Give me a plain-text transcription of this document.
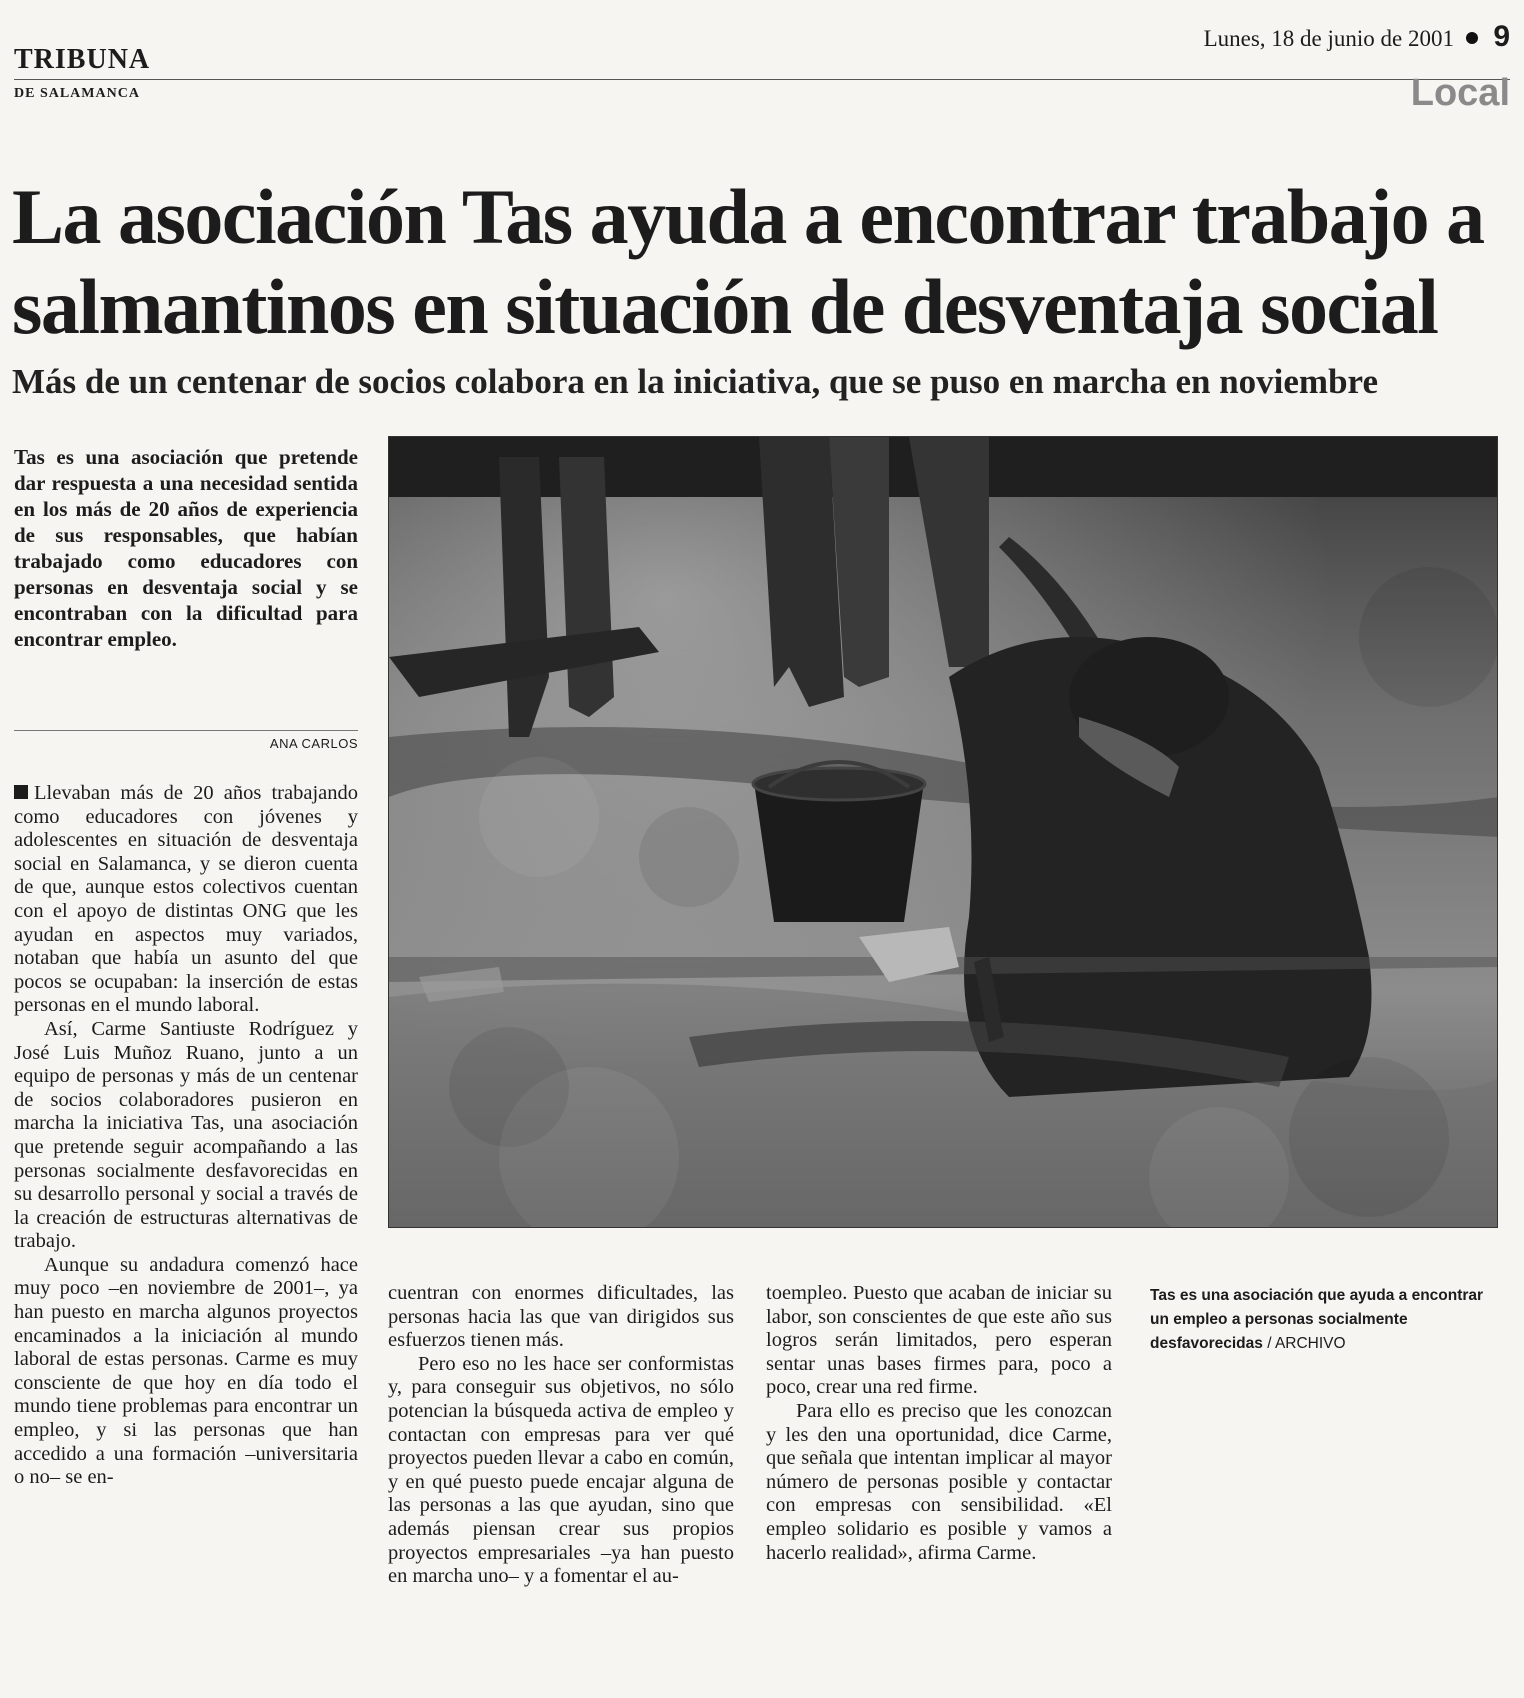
TRIBUNA
DE SALAMANCA
Lunes, 18 de junio de 2001 9
Local
La asociación Tas ayuda a encontrar trabajo a salmantinos en situación de desventaja social
Más de un centenar de socios colabora en la iniciativa, que se puso en marcha en noviembre
Tas es una asociación que pretende dar respuesta a una necesidad sentida en los más de 20 años de experiencia de sus responsables, que habían trabajado como educadores con personas en desventaja social y se encontraban con la dificultad para encontrar empleo.
ANA CARLOS

Llevaban más de 20 años trabajando como educadores con jóvenes y adolescentes en situación de desventaja social en Salamanca, y se dieron cuenta de que, aunque estos colectivos cuentan con el apoyo de distintas ONG que les ayudan en aspectos muy variados, notaban que había un asunto del que pocos se ocupaban: la inserción de estas personas en el mundo laboral.

Así, Carme Santiuste Rodríguez y José Luis Muñoz Ruano, junto a un equipo de personas y más de un centenar de socios colaboradores pusieron en marcha la iniciativa Tas, una asociación que pretende seguir acompañando a las personas socialmente desfavorecidas en su desarrollo personal y social a través de la creación de estructuras alternativas de trabajo.

Aunque su andadura comenzó hace muy poco –en noviembre de 2001–, ya han puesto en marcha algunos proyectos encaminados a la iniciación al mundo laboral de estas personas. Carme es muy consciente de que hoy en día todo el mundo tiene problemas para encontrar un empleo, y si las personas que han accedido a una formación –universitaria o no– se en-

cuentran con enormes dificultades, las personas hacia las que van dirigidos sus esfuerzos tienen más.

Pero eso no les hace ser conformistas y, para conseguir sus objetivos, no sólo potencian la búsqueda activa de empleo y contactan con empresas para ver qué proyectos pueden llevar a cabo en común, y en qué puesto puede encajar alguna de las personas a las que ayudan, sino que además piensan crear sus propios proyectos empresariales –ya han puesto en marcha uno– y a fomentar el au-

toempleo. Puesto que acaban de iniciar su labor, son conscientes de que este año sus logros serán limitados, pero esperan sentar unas bases firmes para, poco a poco, crear una red firme.

Para ello es preciso que les conozcan y les den una oportunidad, dice Carme, que señala que intentan implicar al mayor número de personas posible y contactar con empresas con sensibilidad. «El empleo solidario es posible y vamos a hacerlo realidad», afirma Carme.

Tas es una asociación que ayuda a encontrar un empleo a personas socialmente desfavorecidas / ARCHIVO
